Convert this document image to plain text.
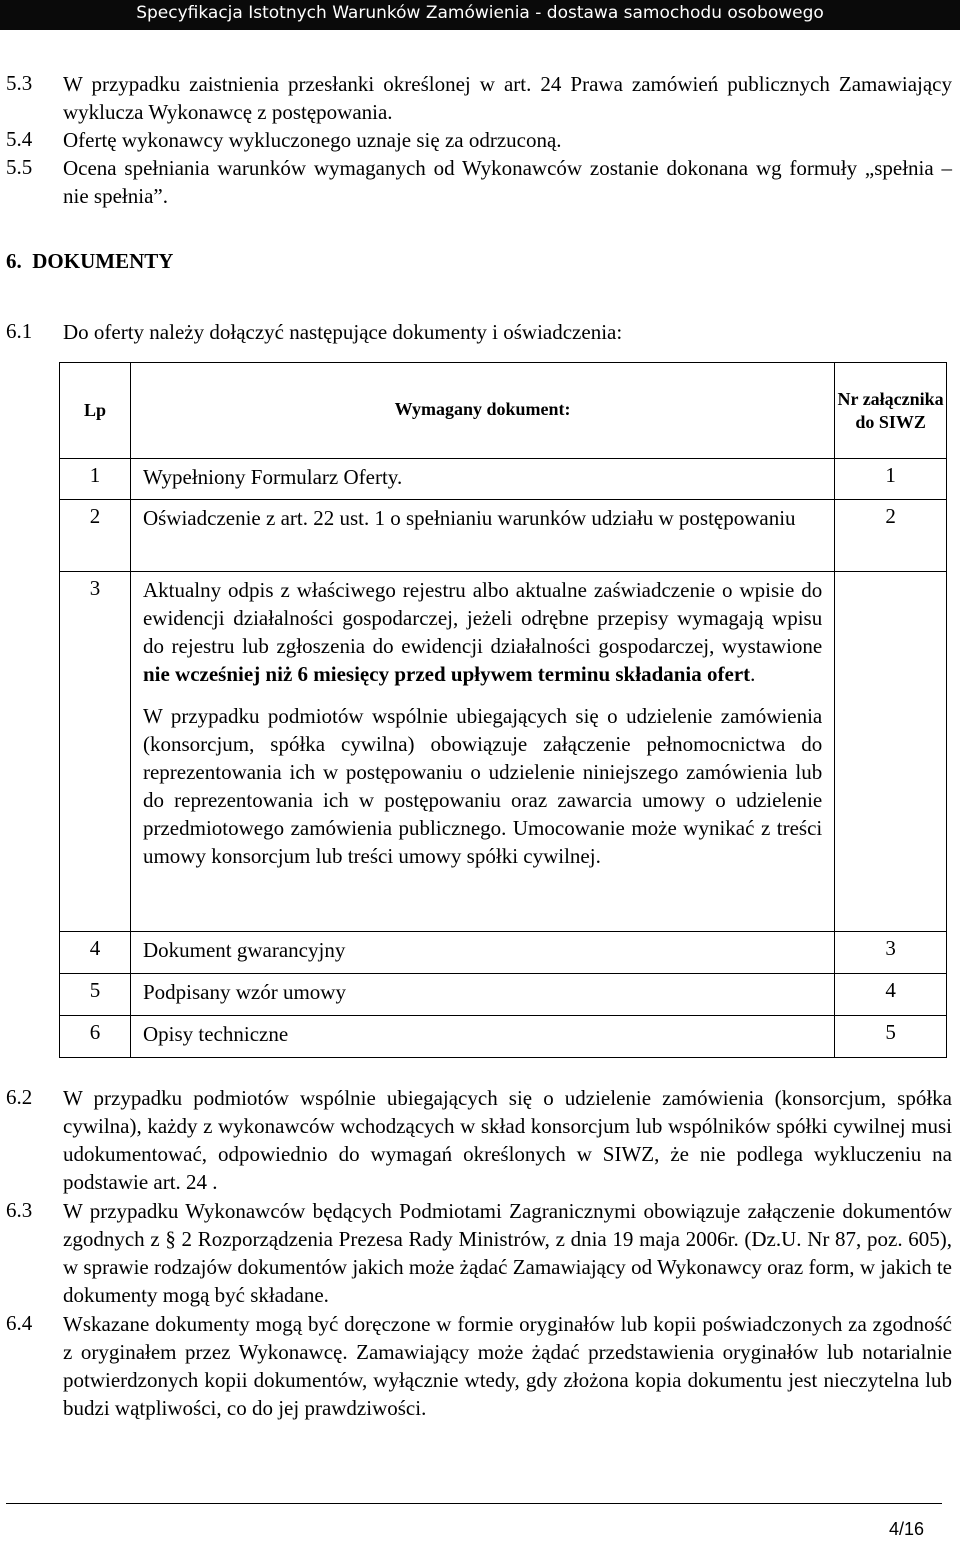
Specyfikacja Istotnych Warunków Zamówienia - dostawa samochodu osobowego
5.3 W przypadku zaistnienia przesłanki określonej w art. 24 Prawa zamówień publicznych Zamawiający wyklucza Wykonawcę z postępowania.
5.4 Ofertę wykonawcy wykluczonego uznaje się za odrzuconą.
5.5 Ocena spełniania warunków wymaganych od Wykonawców zostanie dokonana wg formuły „spełnia – nie spełnia”.
6.  DOKUMENTY
6.1 Do oferty należy dołączyć następujące dokumenty i oświadczenia:
Lp	Wymagany dokument:	Nr załącznika do SIWZ
1	Wypełniony Formularz Oferty.	1
2	Oświadczenie z art. 22 ust. 1 o spełnianiu warunków udziału w postępowaniu	2
3	Aktualny odpis z właściwego rejestru albo aktualne zaświadczenie o wpisie do ewidencji działalności gospodarczej, jeżeli odrębne przepisy wymagają wpisu do rejestru lub zgłoszenia do ewidencji działalności gospodarczej, wystawione nie wcześniej niż 6 miesięcy przed upływem terminu składania ofert.
W przypadku podmiotów wspólnie ubiegających się o udzielenie zamówienia (konsorcjum, spółka cywilna) obowiązuje załączenie pełnomocnictwa do reprezentowania ich w postępowaniu o udzielenie niniejszego zamówienia lub do reprezentowania ich w postępowaniu oraz zawarcia umowy o udzielenie przedmiotowego zamówienia publicznego. Umocowanie może wynikać z treści umowy konsorcjum lub treści umowy spółki cywilnej.	

4	Dokument gwarancyjny	3
5	Podpisany wzór umowy	4
6	Opisy techniczne	5
6.2 W przypadku podmiotów wspólnie ubiegających się o udzielenie zamówienia (konsorcjum, spółka cywilna), każdy z wykonawców wchodzących w skład konsorcjum lub wspólników spółki cywilnej musi udokumentować, odpowiednio do wymagań określonych w SIWZ, że nie podlega wykluczeniu na podstawie art. 24 .
6.3 W przypadku Wykonawców będących Podmiotami Zagranicznymi obowiązuje załączenie dokumentów zgodnych z § 2 Rozporządzenia Prezesa Rady Ministrów, z dnia 19 maja 2006r. (Dz.U. Nr 87, poz. 605), w sprawie rodzajów dokumentów jakich może żądać Zamawiający od Wykonawcy oraz form, w jakich te dokumenty mogą być składane.
6.4 Wskazane dokumenty mogą być doręczone w formie oryginałów lub kopii poświadczonych za zgodność z oryginałem przez Wykonawcę. Zamawiający może żądać przedstawienia oryginałów lub notarialnie potwierdzonych kopii dokumentów, wyłącznie wtedy, gdy złożona kopia dokumentu jest nieczytelna lub budzi wątpliwości, co do jej prawdziwości.
4/16
